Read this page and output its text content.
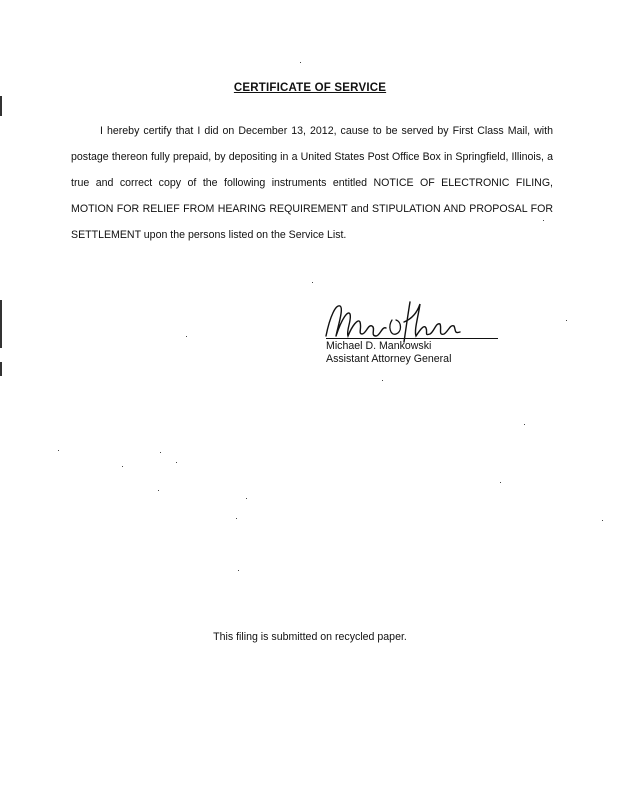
CERTIFICATE OF SERVICE

I hereby certify that I did on December 13, 2012, cause to be served by First Class Mail, with postage thereon fully prepaid, by depositing in a United States Post Office Box in Springfield, Illinois, a true and correct copy of the following instruments entitled NOTICE OF ELECTRONIC FILING, MOTION FOR RELIEF FROM HEARING REQUIREMENT and STIPULATION AND PROPOSAL FOR SETTLEMENT upon the persons listed on the Service List.

Michael D. Mankowski
Assistant Attorney General
This filing is submitted on recycled paper.
